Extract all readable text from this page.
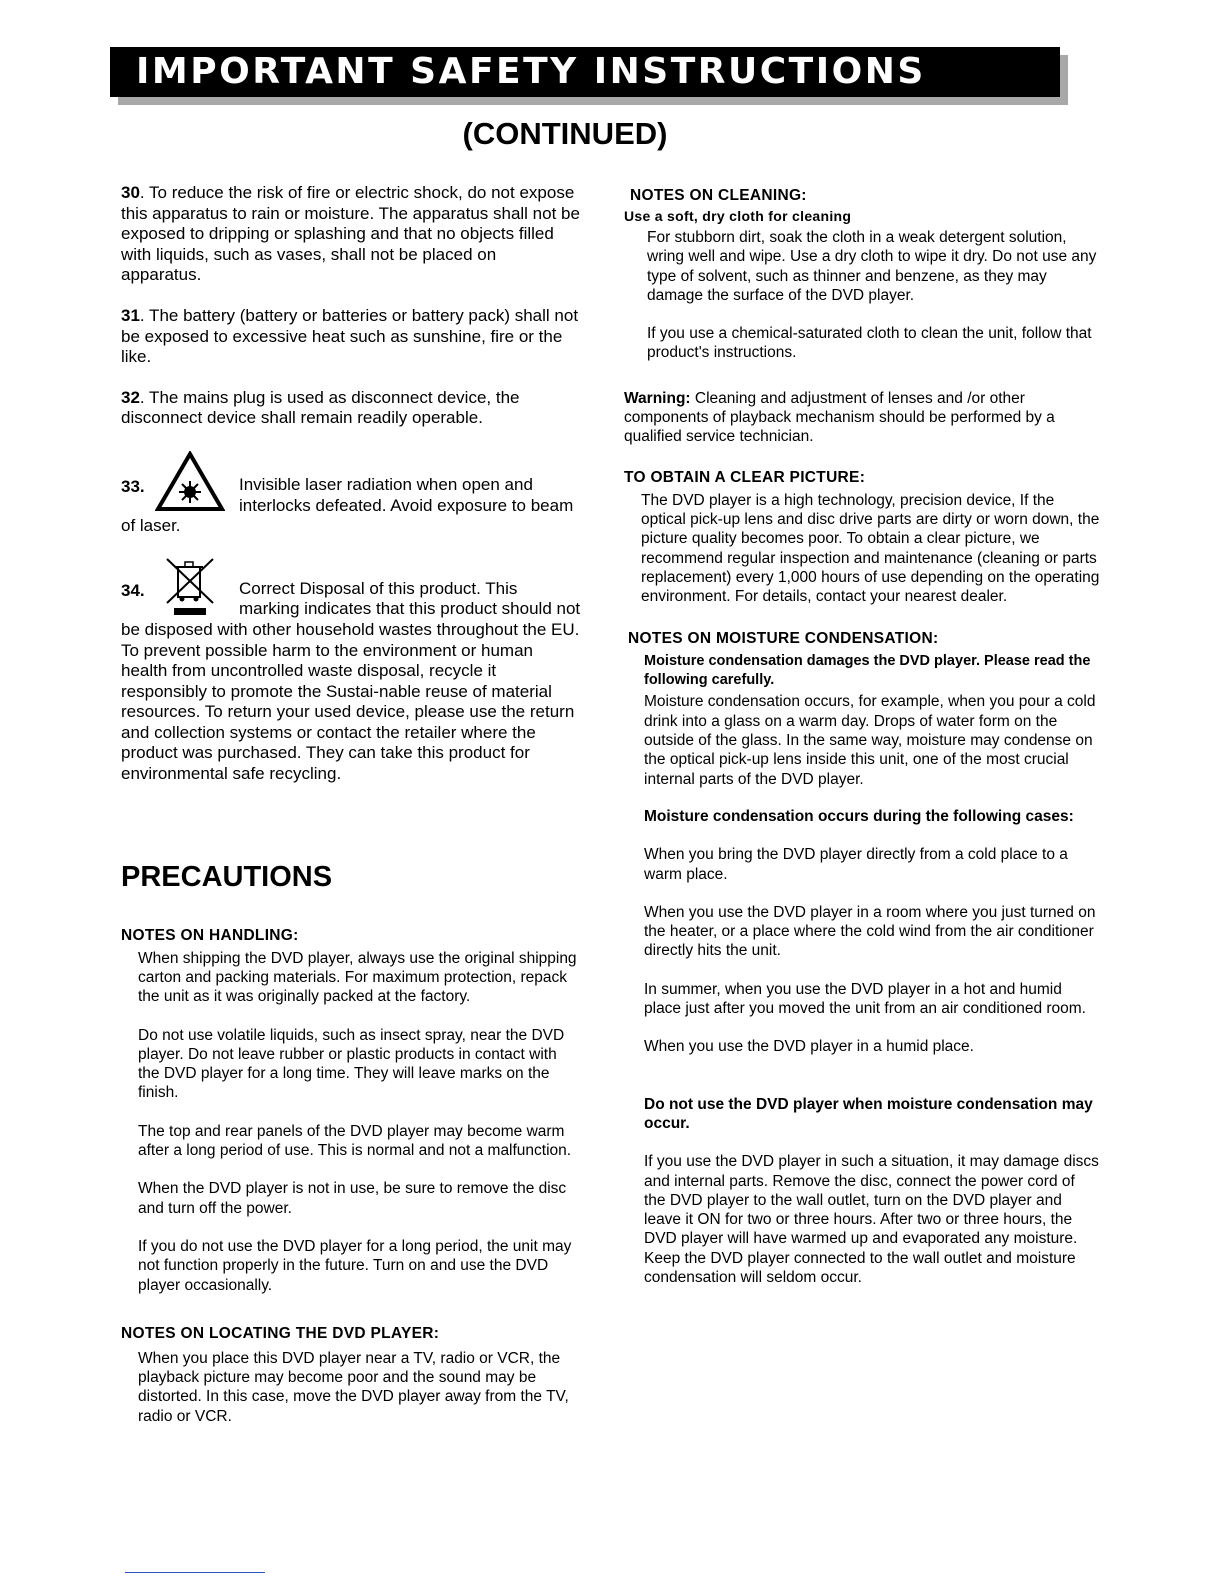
IMPORTANT SAFETY INSTRUCTIONS
(CONTINUED)

30. To reduce the risk of fire or electric shock, do not expose this apparatus to rain or moisture. The apparatus shall not be exposed to dripping or splashing and that no objects filled with liquids, such as vases, shall not be placed on apparatus.

31. The battery (battery or batteries or battery pack) shall not be exposed to excessive heat such as sunshine, fire or the like.

32. The mains plug is used as disconnect device, the disconnect device shall remain readily operable.

33.	Invisible laser radiation when open and interlocks defeated. Avoid exposure to beam of laser.
34.	Correct Disposal of this product. This marking indicates that this product should not be disposed with other household wastes throughout the EU. To prevent possible harm to the environment or human health from uncontrolled waste disposal, recycle it responsibly to promote the Sustai-nable reuse of material resources. To return your used device, please use the return and collection systems or contact the retailer where the product was purchased. They can take this product for environmental safe recycling.
PRECAUTIONS
NOTES ON HANDLING:

When shipping the DVD player, always use the original shipping carton and packing materials. For maximum protection, repack the unit as it was originally packed at the factory.

Do not use volatile liquids, such as insect spray, near the DVD player. Do not leave rubber or plastic products in contact with the DVD player for a long time. They will leave marks on the finish.

The top and rear panels of the DVD player may become warm after a long period of use. This is normal and not a malfunction.

When the DVD player is not in use, be sure to remove the disc and turn off the power.

If you do not use the DVD player for a long period, the unit may not function properly in the future. Turn on and use the DVD player occasionally.

NOTES ON LOCATING THE DVD PLAYER:

When you place this DVD player near a TV, radio or VCR, the playback picture may become poor and the sound may be distorted. In this case, move the DVD player away from the TV, radio or VCR.

NOTES ON CLEANING:
Use a soft, dry cloth for cleaning

For stubborn dirt, soak the cloth in a weak detergent solution, wring well and wipe. Use a dry cloth to wipe it dry. Do not use any type of solvent, such as thinner and benzene, as they may damage the surface of the DVD player.

If you use a chemical-saturated cloth to clean the unit, follow that product's instructions.

Warning: Cleaning and adjustment of lenses and /or other components of playback mechanism should be performed by a qualified service technician.

TO OBTAIN A CLEAR PICTURE:

The DVD player is a high technology, precision device, If the optical pick-up lens and disc drive parts are dirty or worn down, the picture quality becomes poor. To obtain a clear picture, we recommend regular inspection and maintenance (cleaning or parts replacement) every 1,000 hours of use depending on the operating environment. For details, contact your nearest dealer.

NOTES ON MOISTURE CONDENSATION:

Moisture condensation damages the DVD player. Please read the following carefully.

Moisture condensation occurs, for example, when you pour a cold drink into a glass on a warm day. Drops of water form on the outside of the glass. In the same way, moisture may condense on the optical pick-up lens inside this unit, one of the most crucial internal parts of the DVD player.

Moisture condensation occurs during the following cases:

When you bring the DVD player directly from a cold place to a warm place.

When you use the DVD player in a room where you just turned on the heater, or a place where the cold wind from the air conditioner directly hits the unit.

In summer, when you use the DVD player in a hot and humid place just after you moved the unit from an air conditioned room.

When you use the DVD player in a humid place.

Do not use the DVD player when moisture condensation may occur.

If you use the DVD player in such a situation, it may damage discs and internal parts. Remove the disc, connect the power cord of the DVD player to the wall outlet, turn on the DVD player and leave it ON for two or three hours. After two or three hours, the DVD player will have warmed up and evaporated any moisture. Keep the DVD player connected to the wall outlet and moisture condensation will seldom occur.
